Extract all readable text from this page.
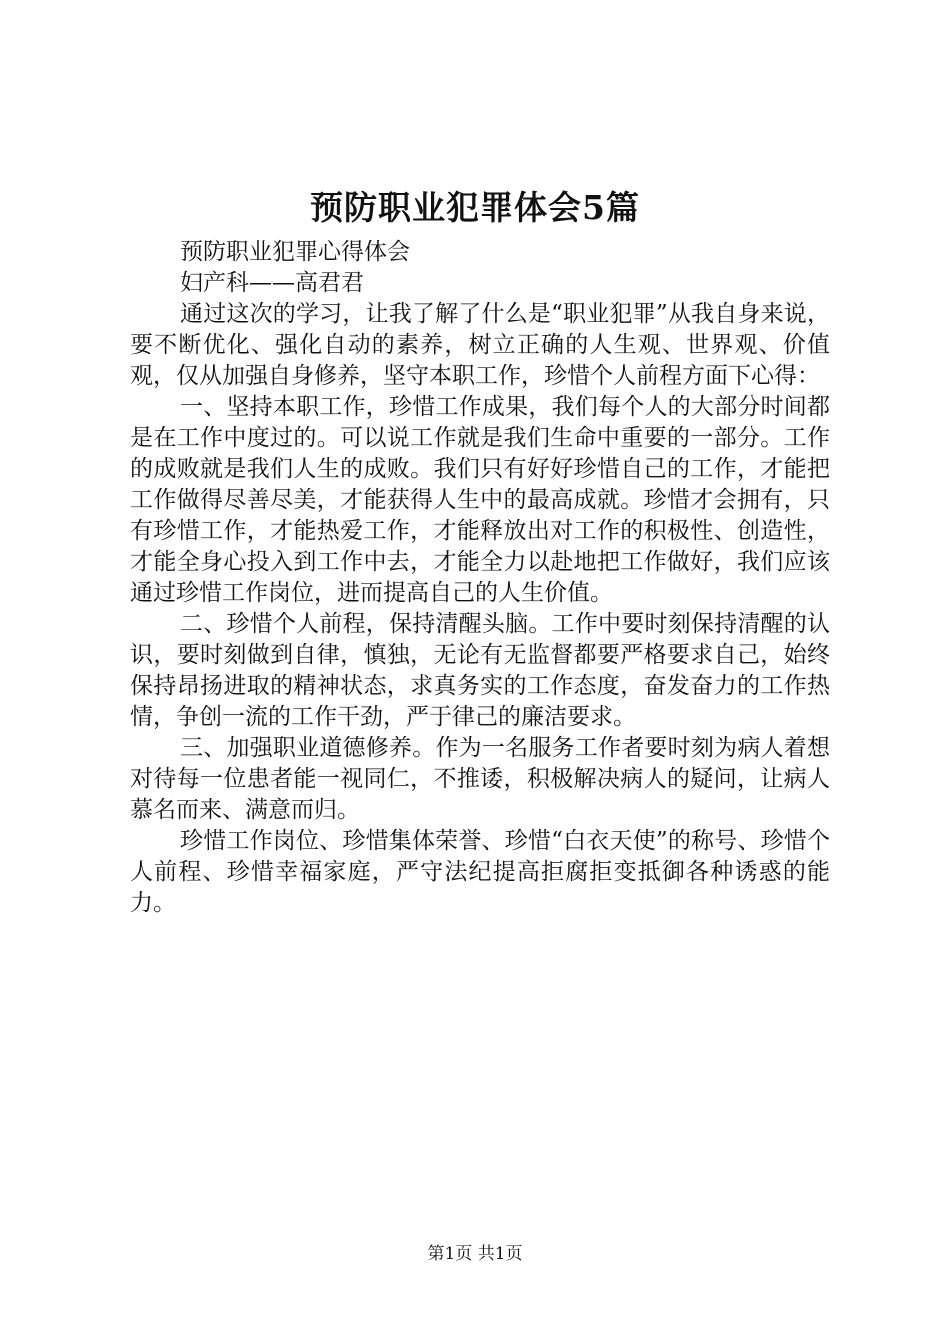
预防职业犯罪体会5篇

预防职业犯罪心得体会

妇产科——高君君

通过这次的学习，让我了解了什么是“职业犯罪”从我自身来说，要不断优化、强化自动的素养，树立正确的人生观、世界观、价值观，仅从加强自身修养，坚守本职工作，珍惜个人前程方面下心得：

一、坚持本职工作，珍惜工作成果，我们每个人的大部分时间都是在工作中度过的。可以说工作就是我们生命中重要的一部分。工作的成败就是我们人生的成败。我们只有好好珍惜自己的工作，才能把工作做得尽善尽美，才能获得人生中的最高成就。珍惜才会拥有，只有珍惜工作，才能热爱工作，才能释放出对工作的积极性、创造性，才能全身心投入到工作中去，才能全力以赴地把工作做好，我们应该通过珍惜工作岗位，进而提高自己的人生价值。

二、珍惜个人前程，保持清醒头脑。工作中要时刻保持清醒的认识，要时刻做到自律，慎独，无论有无监督都要严格要求自己，始终保持昂扬进取的精神状态，求真务实的工作态度，奋发奋力的工作热情，争创一流的工作干劲，严于律己的廉洁要求。

三、加强职业道德修养。作为一名服务工作者要时刻为病人着想对待每一位患者能一视同仁，不推诿，积极解决病人的疑问，让病人慕名而来、满意而归。

珍惜工作岗位、珍惜集体荣誉、珍惜“白衣天使”的称号、珍惜个人前程、珍惜幸福家庭，严守法纪提高拒腐拒变抵御各种诱惑的能力。

第1页 共1页
